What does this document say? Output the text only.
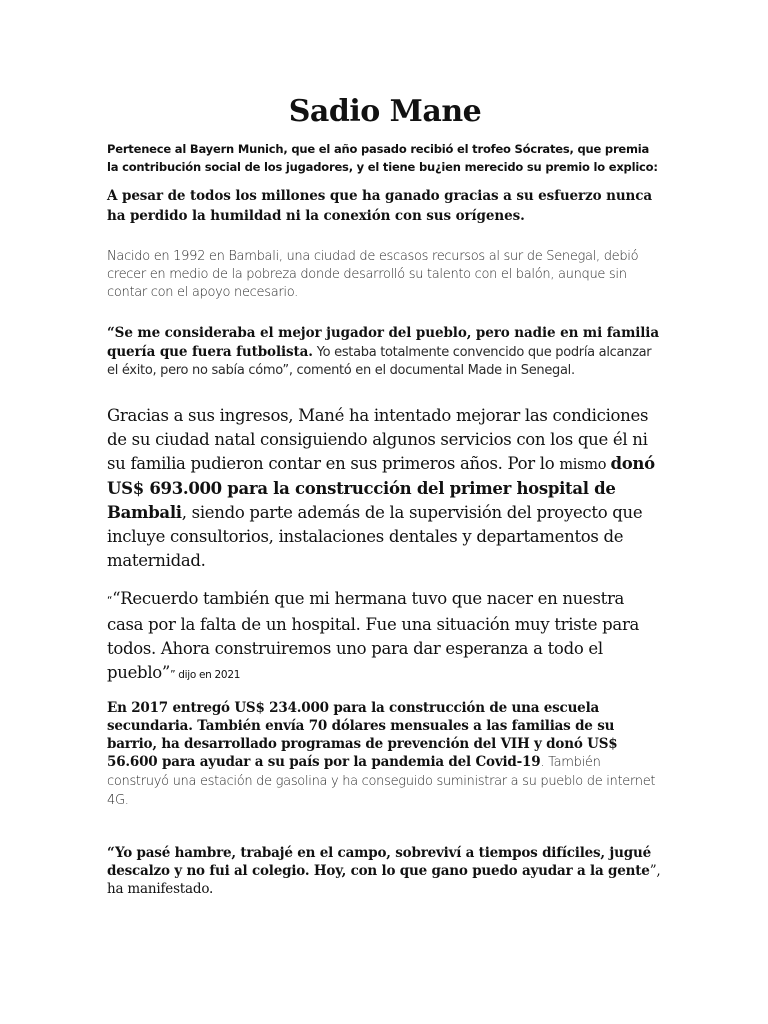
Sadio Mane

Pertenece al Bayern Munich, que el año pasado recibió el trofeo Sócrates, que premia la contribución social de los jugadores, y el tiene bu¿ien merecido su premio lo explico:

A pesar de todos los millones que ha ganado gracias a su esfuerzo nunca ha perdido la humildad ni la conexión con sus orígenes.

Nacido en 1992 en Bambali, una ciudad de escasos recursos al sur de Senegal, debió crecer en medio de la pobreza donde desarrolló su talento con el balón, aunque sin contar con el apoyo necesario.

“Se me consideraba el mejor jugador del pueblo, pero nadie en mi familia quería que fuera futbolista. Yo estaba totalmente convencido que podría alcanzar el éxito, pero no sabía cómo”, comentó en el documental Made in Senegal.

Gracias a sus ingresos, Mané ha intentado mejorar las condiciones de su ciudad natal consiguiendo algunos servicios con los que él ni su familia pudieron contar en sus primeros años. Por lo mismo donó US$ 693.000 para la construcción del primer hospital de Bambali, siendo parte además de la supervisión del proyecto que incluye consultorios, instalaciones dentales y departamentos de maternidad.

““Recuerdo también que mi hermana tuvo que nacer en nuestra casa por la falta de un hospital. Fue una situación muy triste para todos. Ahora construiremos uno para dar esperanza a todo el pueblo”” dijo en 2021

En 2017 entregó US$ 234.000 para la construcción de una escuela secundaria. También envía 70 dólares mensuales a las familias de su barrio, ha desarrollado programas de prevención del VIH y donó US$ 56.600 para ayudar a su país por la pandemia del Covid-19. También construyó una estación de gasolina y ha conseguido suministrar a su pueblo de internet 4G.

“Yo pasé hambre, trabajé en el campo, sobreviví a tiempos difíciles, jugué descalzo y no fui al colegio. Hoy, con lo que gano puedo ayudar a la gente”, ha manifestado.
